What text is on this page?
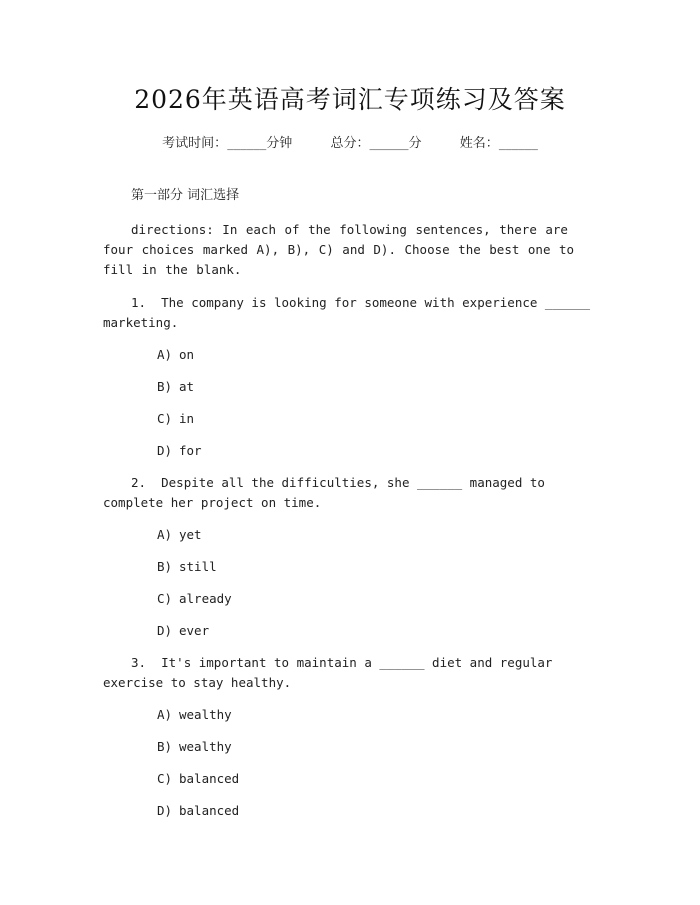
2026年英语高考词汇专项练习及答案
考试时间：______分钟	总分：______分	姓名：______
第一部分 词汇选择
directions: In each of the following sentences, there are four choices marked A), B), C) and D). Choose the best one to fill in the blank.
1. The company is looking for someone with experience ______ marketing.
A) on
B) at
C) in
D) for
2. Despite all the difficulties, she ______ managed to complete her project on time.
A) yet
B) still
C) already
D) ever
3. It's important to maintain a ______ diet and regular exercise to stay healthy.
A) wealthy
B) wealthy
C) balanced
D) balanced
